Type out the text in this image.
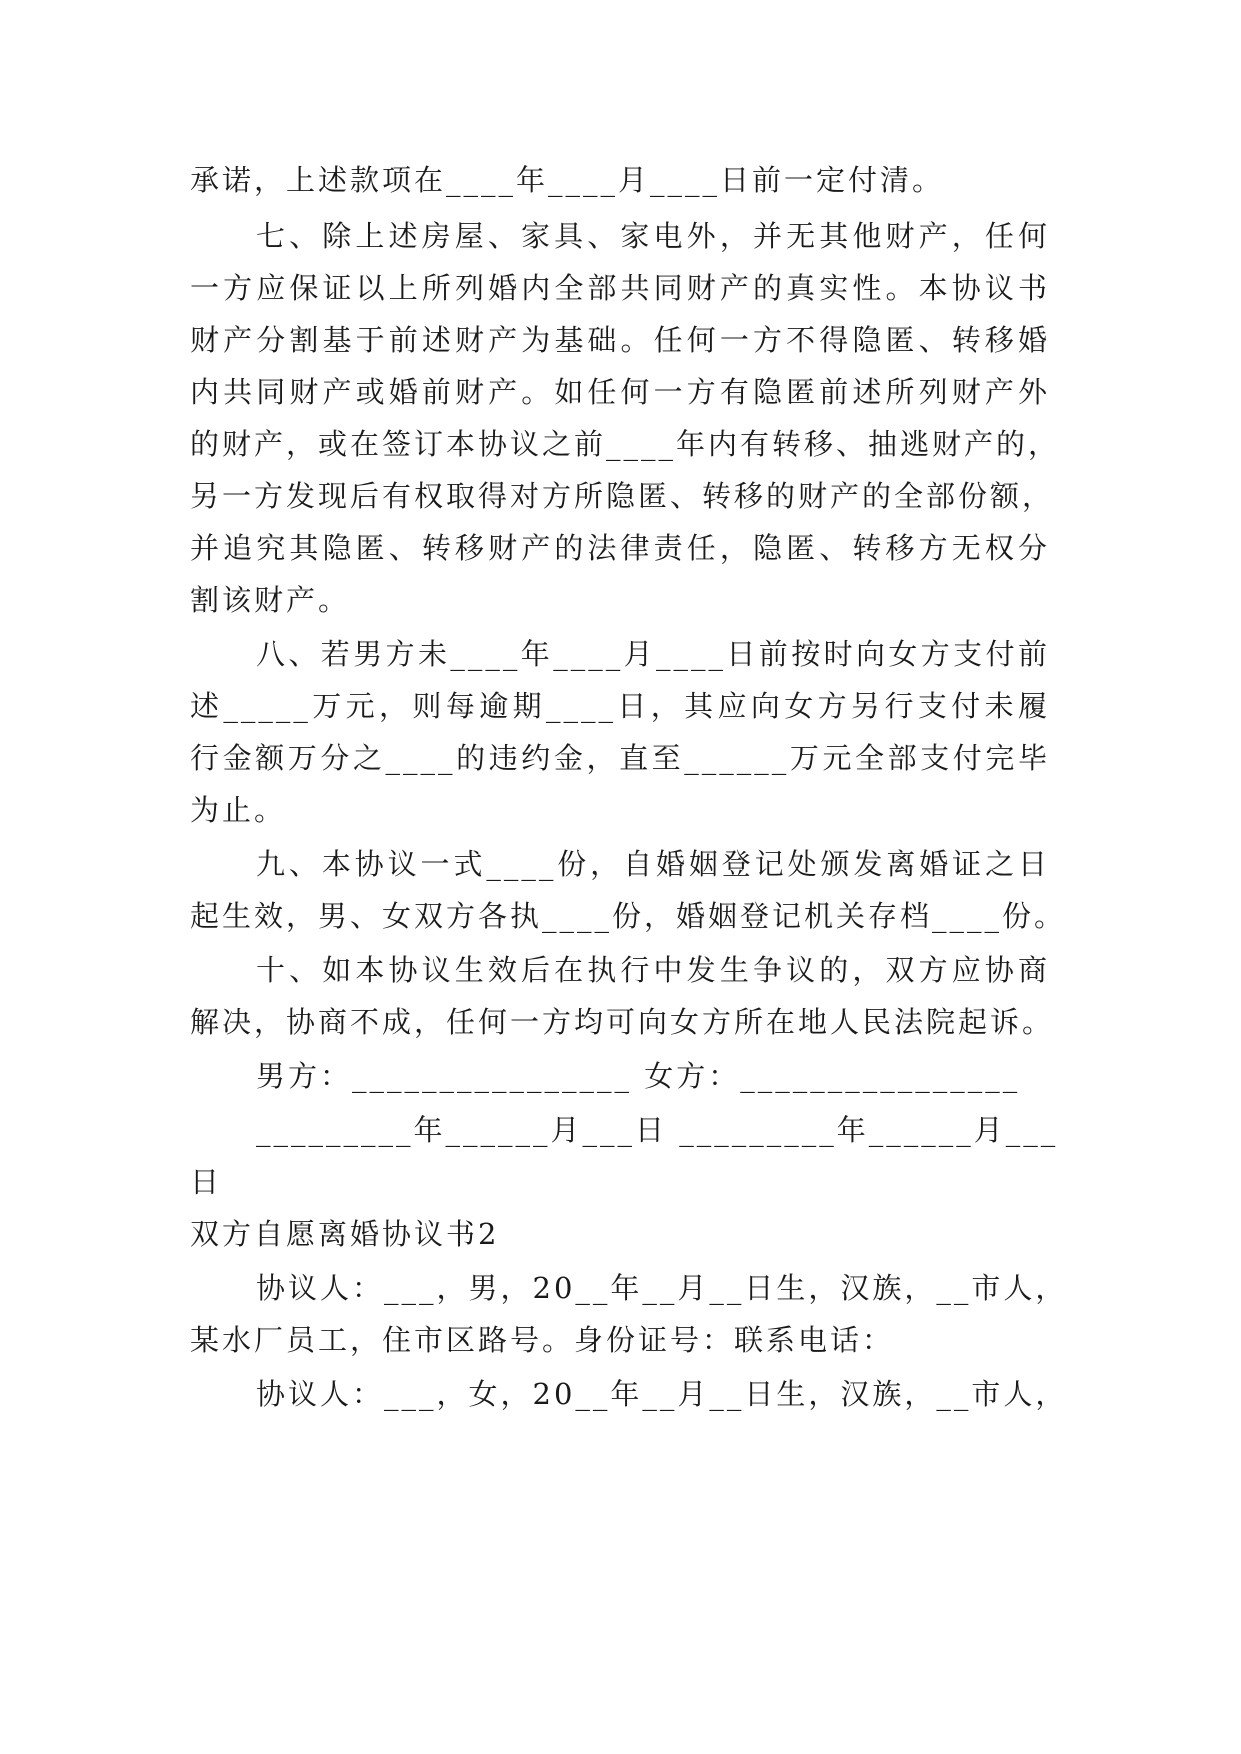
承诺，上述款项在____年____月____日前一定付清。
七、除上述房屋、家具、家电外，并无其他财产，任何
一方应保证以上所列婚内全部共同财产的真实性。本协议书
财产分割基于前述财产为基础。任何一方不得隐匿、转移婚
内共同财产或婚前财产。如任何一方有隐匿前述所列财产外
的财产，或在签订本协议之前____年内有转移、抽逃财产的，
另一方发现后有权取得对方所隐匿、转移的财产的全部份额，
并追究其隐匿、转移财产的法律责任，隐匿、转移方无权分
割该财产。
八、若男方未____年____月____日前按时向女方支付前
述_____万元，则每逾期____日，其应向女方另行支付未履
行金额万分之____的违约金，直至______万元全部支付完毕
为止。
九、本协议一式____份，自婚姻登记处颁发离婚证之日
起生效，男、女双方各执____份，婚姻登记机关存档____份。
十、如本协议生效后在执行中发生争议的，双方应协商
解决，协商不成，任何一方均可向女方所在地人民法院起诉。
男方：________________ 女方：________________
_________年______月___日 _________年______月___
日
双方自愿离婚协议书2
协议人：___，男，20__年__月__日生，汉族，__市人，
某水厂员工，住市区路号。身份证号：联系电话：
协议人：___，女，20__年__月__日生，汉族，__市人，
